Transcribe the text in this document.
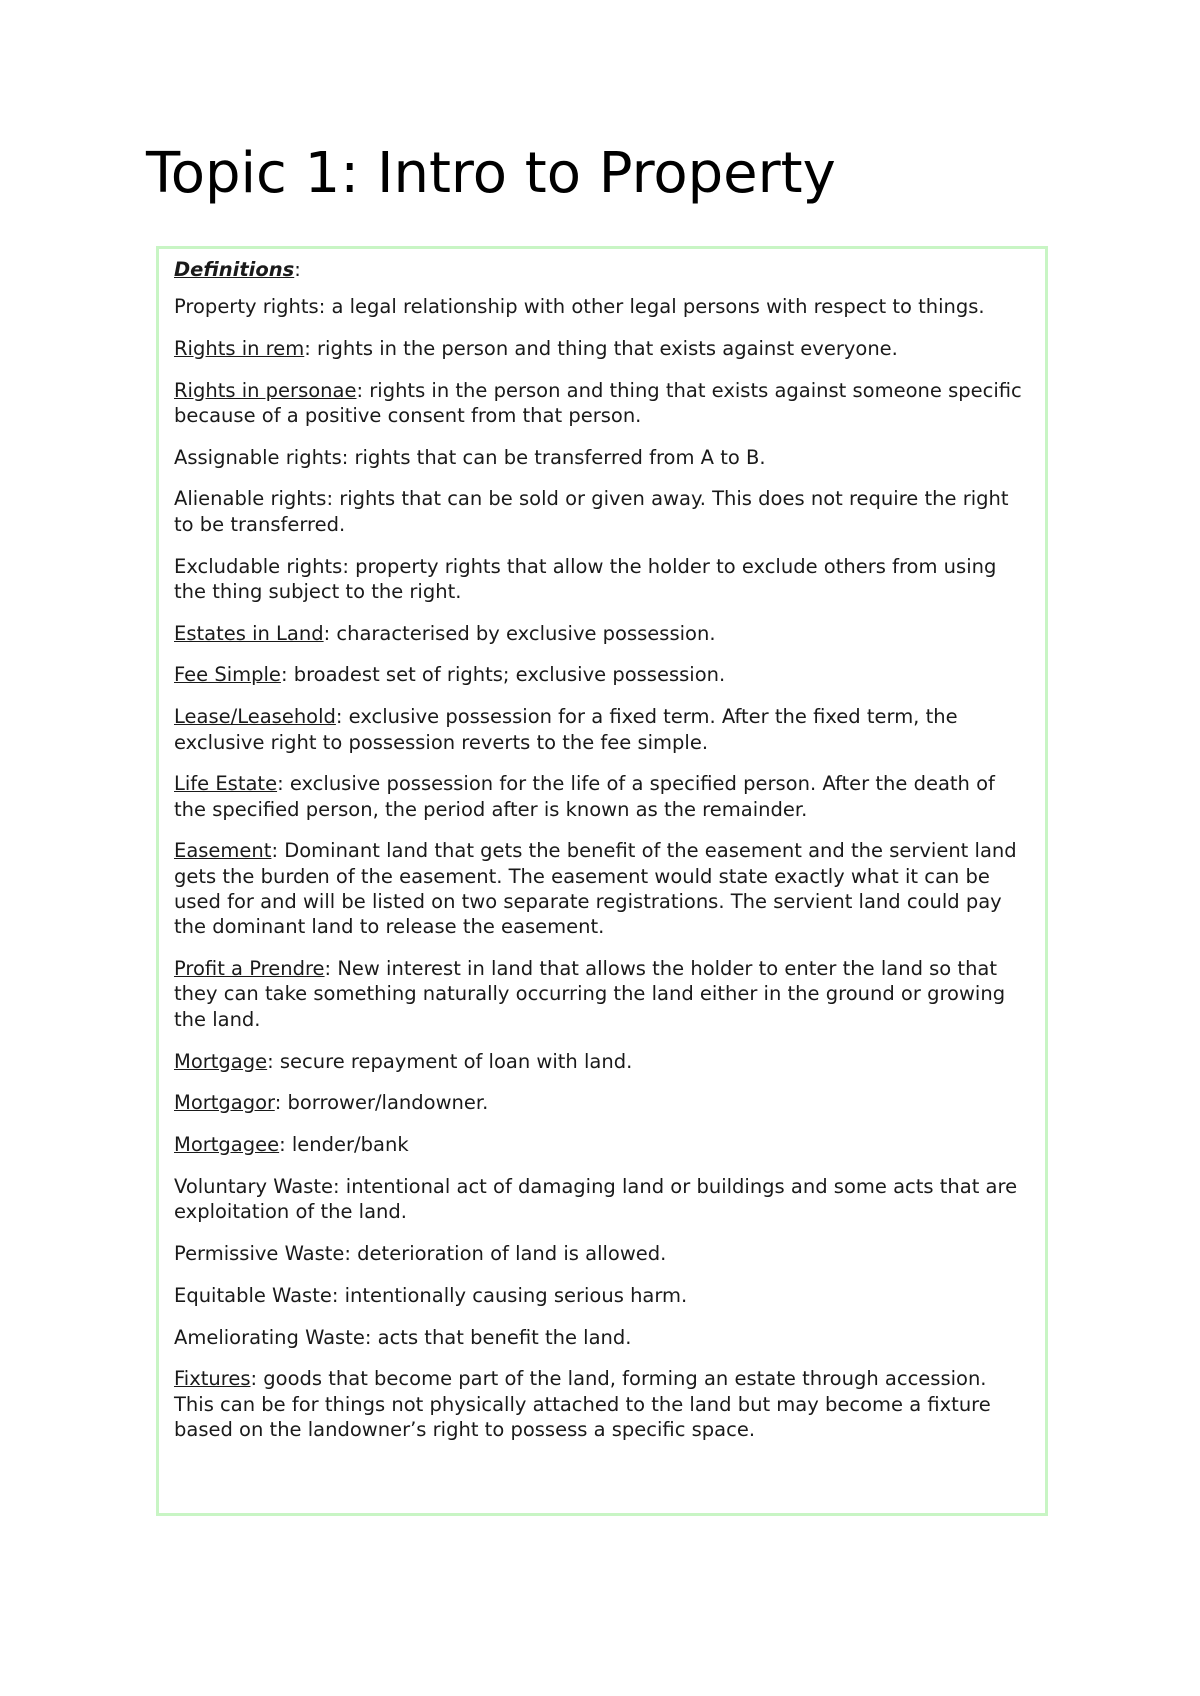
Topic 1: Intro to Property

Definitions:

Property rights: a legal relationship with other legal persons with respect to things.

Rights in rem: rights in the person and thing that exists against everyone.

Rights in personae: rights in the person and thing that exists against someone specific because of a positive consent from that person.

Assignable rights: rights that can be transferred from A to B.

Alienable rights: rights that can be sold or given away. This does not require the right to be transferred.

Excludable rights: property rights that allow the holder to exclude others from using the thing subject to the right.

Estates in Land: characterised by exclusive possession.

Fee Simple: broadest set of rights; exclusive possession.

Lease/Leasehold: exclusive possession for a fixed term. After the fixed term, the exclusive right to possession reverts to the fee simple.

Life Estate: exclusive possession for the life of a specified person. After the death of the specified person, the period after is known as the remainder.

Easement: Dominant land that gets the benefit of the easement and the servient land gets the burden of the easement. The easement would state exactly what it can be used for and will be listed on two separate registrations. The servient land could pay the dominant land to release the easement.

Profit a Prendre: New interest in land that allows the holder to enter the land so that they can take something naturally occurring the land either in the ground or growing the land.

Mortgage: secure repayment of loan with land.

Mortgagor: borrower/landowner.

Mortgagee: lender/bank

Voluntary Waste: intentional act of damaging land or buildings and some acts that are exploitation of the land.

Permissive Waste: deterioration of land is allowed.

Equitable Waste: intentionally causing serious harm.

Ameliorating Waste: acts that benefit the land.

Fixtures: goods that become part of the land, forming an estate through accession. This can be for things not physically attached to the land but may become a fixture based on the landowner’s right to possess a specific space.
